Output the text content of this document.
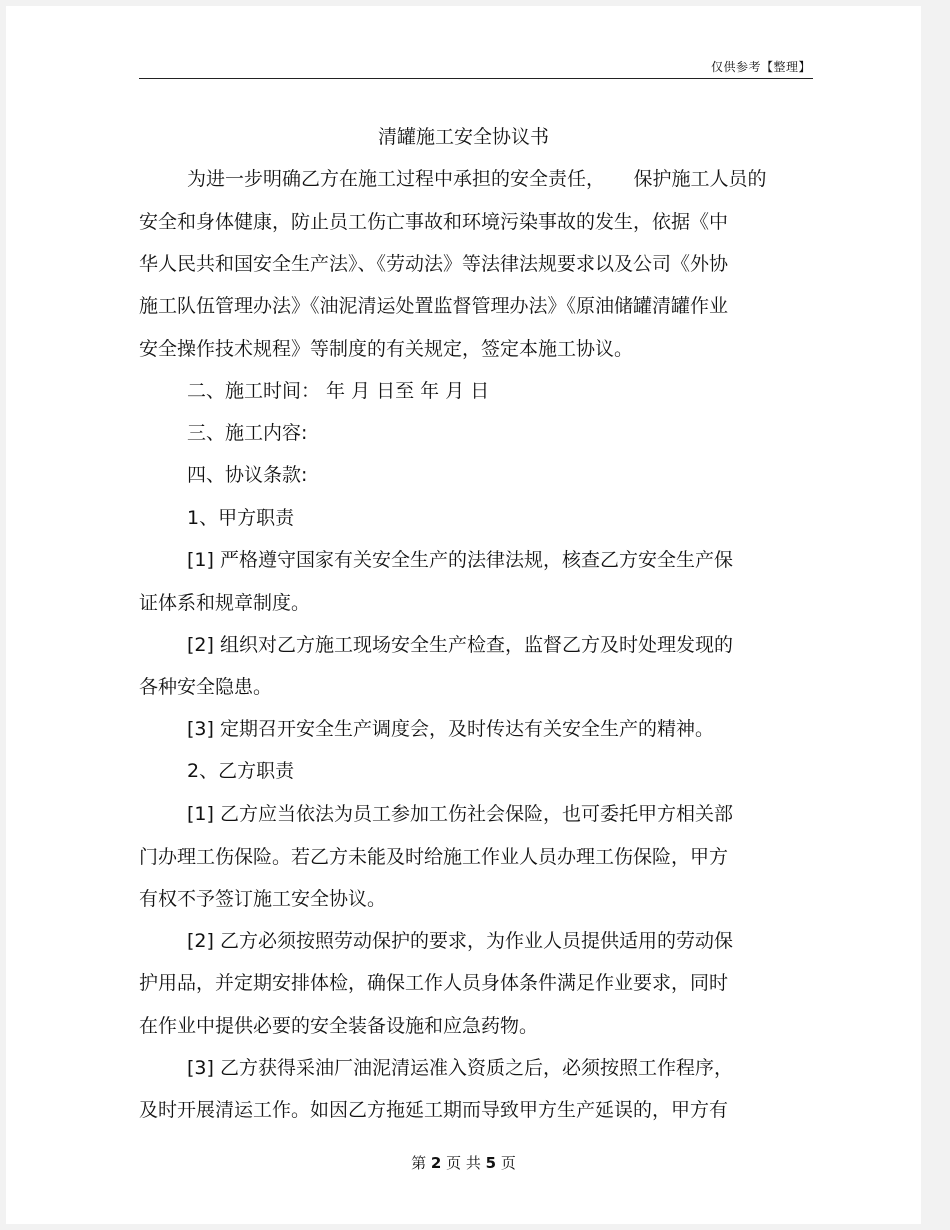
仅供参考【整理】
清罐施工安全协议书
为进一步明确乙方在施工过程中承担的安全责任，　　保护施工人员的
安全和身体健康，防止员工伤亡事故和环境污染事故的发生，依据《中
华人民共和国安全生产法》、《劳动法》等法律法规要求以及公司《外协
施工队伍管理办法》《油泥清运处置监督管理办法》《原油储罐清罐作业
安全操作技术规程》等制度的有关规定，签定本施工协议。
二、施工时间： 年 月 日至 年 月 日
三、施工内容:
四、协议条款:
1、甲方职责
[1] 严格遵守国家有关安全生产的法律法规，核查乙方安全生产保
证体系和规章制度。
[2] 组织对乙方施工现场安全生产检查，监督乙方及时处理发现的
各种安全隐患。
[3] 定期召开安全生产调度会，及时传达有关安全生产的精神。
2、乙方职责
[1] 乙方应当依法为员工参加工伤社会保险，也可委托甲方相关部
门办理工伤保险。若乙方未能及时给施工作业人员办理工伤保险，甲方
有权不予签订施工安全协议。
[2] 乙方必须按照劳动保护的要求，为作业人员提供适用的劳动保
护用品，并定期安排体检，确保工作人员身体条件满足作业要求，同时
在作业中提供必要的安全装备设施和应急药物。
[3] 乙方获得采油厂油泥清运准入资质之后，必须按照工作程序，
及时开展清运工作。如因乙方拖延工期而导致甲方生产延误的，甲方有
第 2 页 共 5 页
